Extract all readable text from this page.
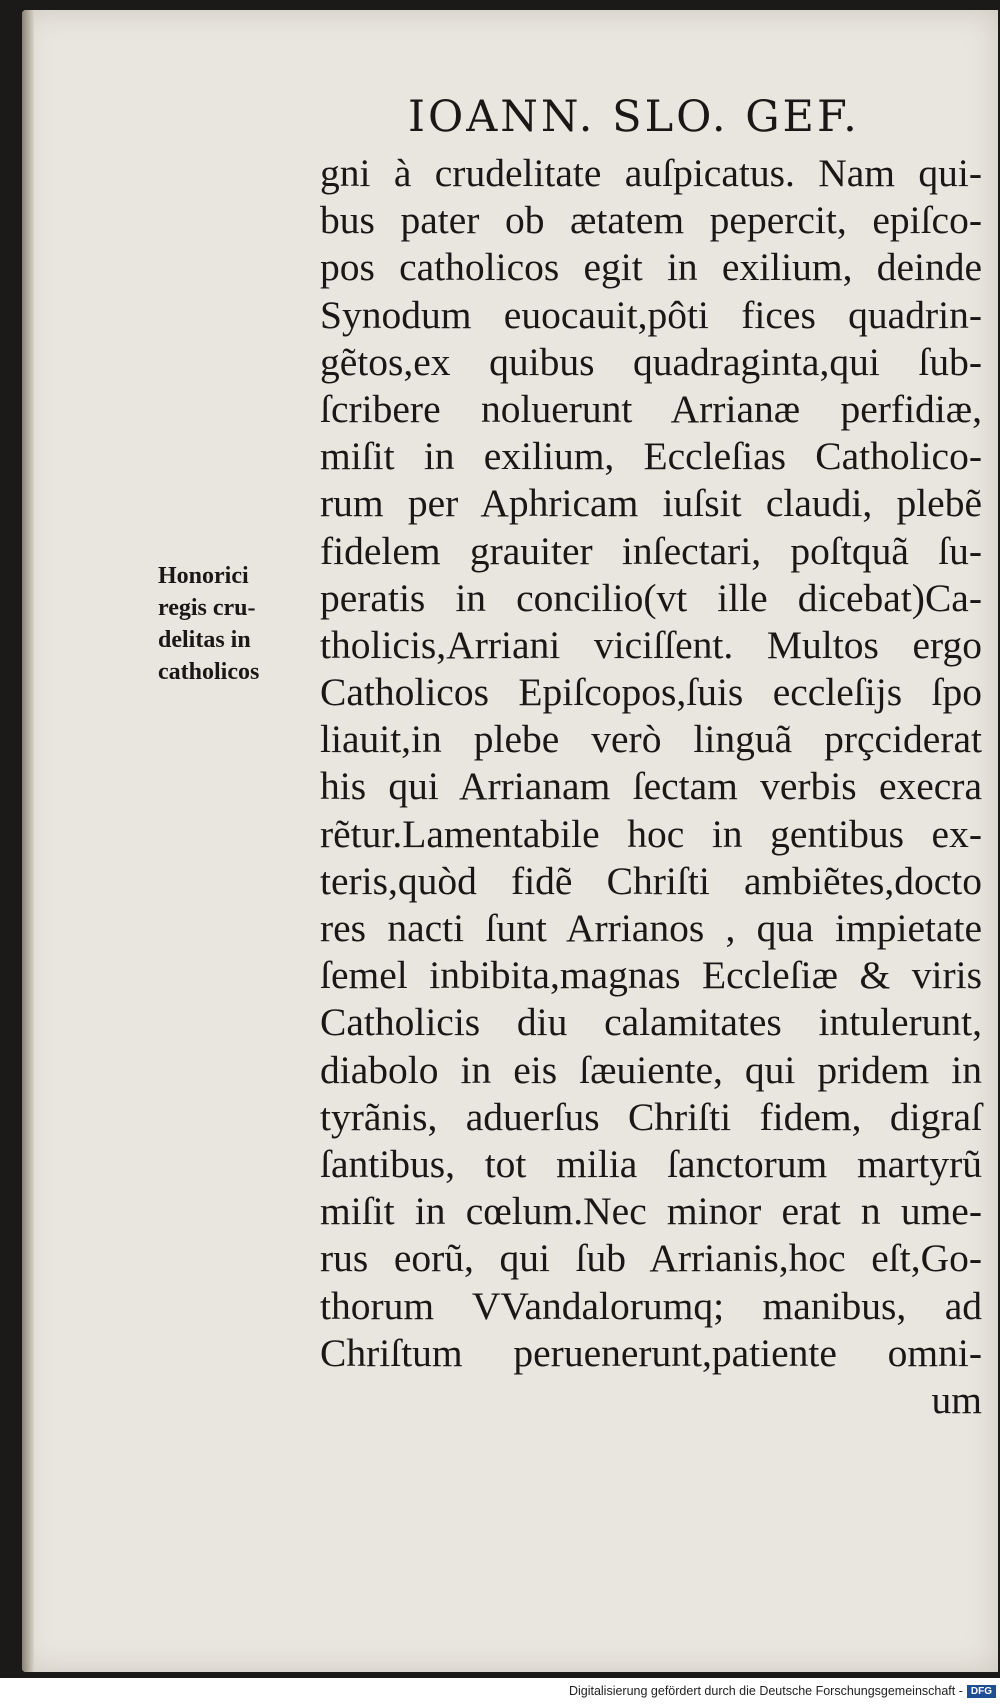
IOANN. SLO. GEF.
Honorici
regis cru-
delitas in
catholicos
gni à crudelitate auſpicatus. Nam qui-
bus pater ob ætatem pepercit, epiſco-
pos catholicos egit in exilium, deinde
Synodum euocauit,pôti fices quadrin-
gẽtos,ex quibus quadraginta,qui ſub-
ſcribere noluerunt Arrianæ perfidiæ,
miſit in exilium, Eccleſias Catholico-
rum per Aphricam iuſsit claudi, plebẽ
fidelem grauiter inſectari, poſtquã ſu-
peratis in concilio(vt ille dicebat)Ca-
tholicis,Arriani viciſſent. Multos ergo
Catholicos Epiſcopos,ſuis eccleſijs ſpo
liauit,in plebe verò linguã prçciderat
his qui Arrianam ſectam verbis execra
rẽtur.Lamentabile hoc in gentibus ex-
teris,quòd fidẽ Chriſti ambiẽtes,docto
res nacti ſunt Arrianos , qua impietate
ſemel inbibita,magnas Eccleſiæ & viris
Catholicis diu calamitates intulerunt,
diabolo in eis ſæuiente, qui pridem in
tyrãnis, aduerſus Chriſti fidem, digraſ
ſantibus, tot milia ſanctorum martyrũ
miſit in cœlum.Nec minor erat n ume-
rus eorũ, qui ſub Arrianis,hoc eſt,Go-
thorum VVandalorumq; manibus, ad
Chriſtum peruenerunt,patiente omni-
um
Digitalisierung gefördert durch die Deutsche Forschungsgemeinschaft - DFG
